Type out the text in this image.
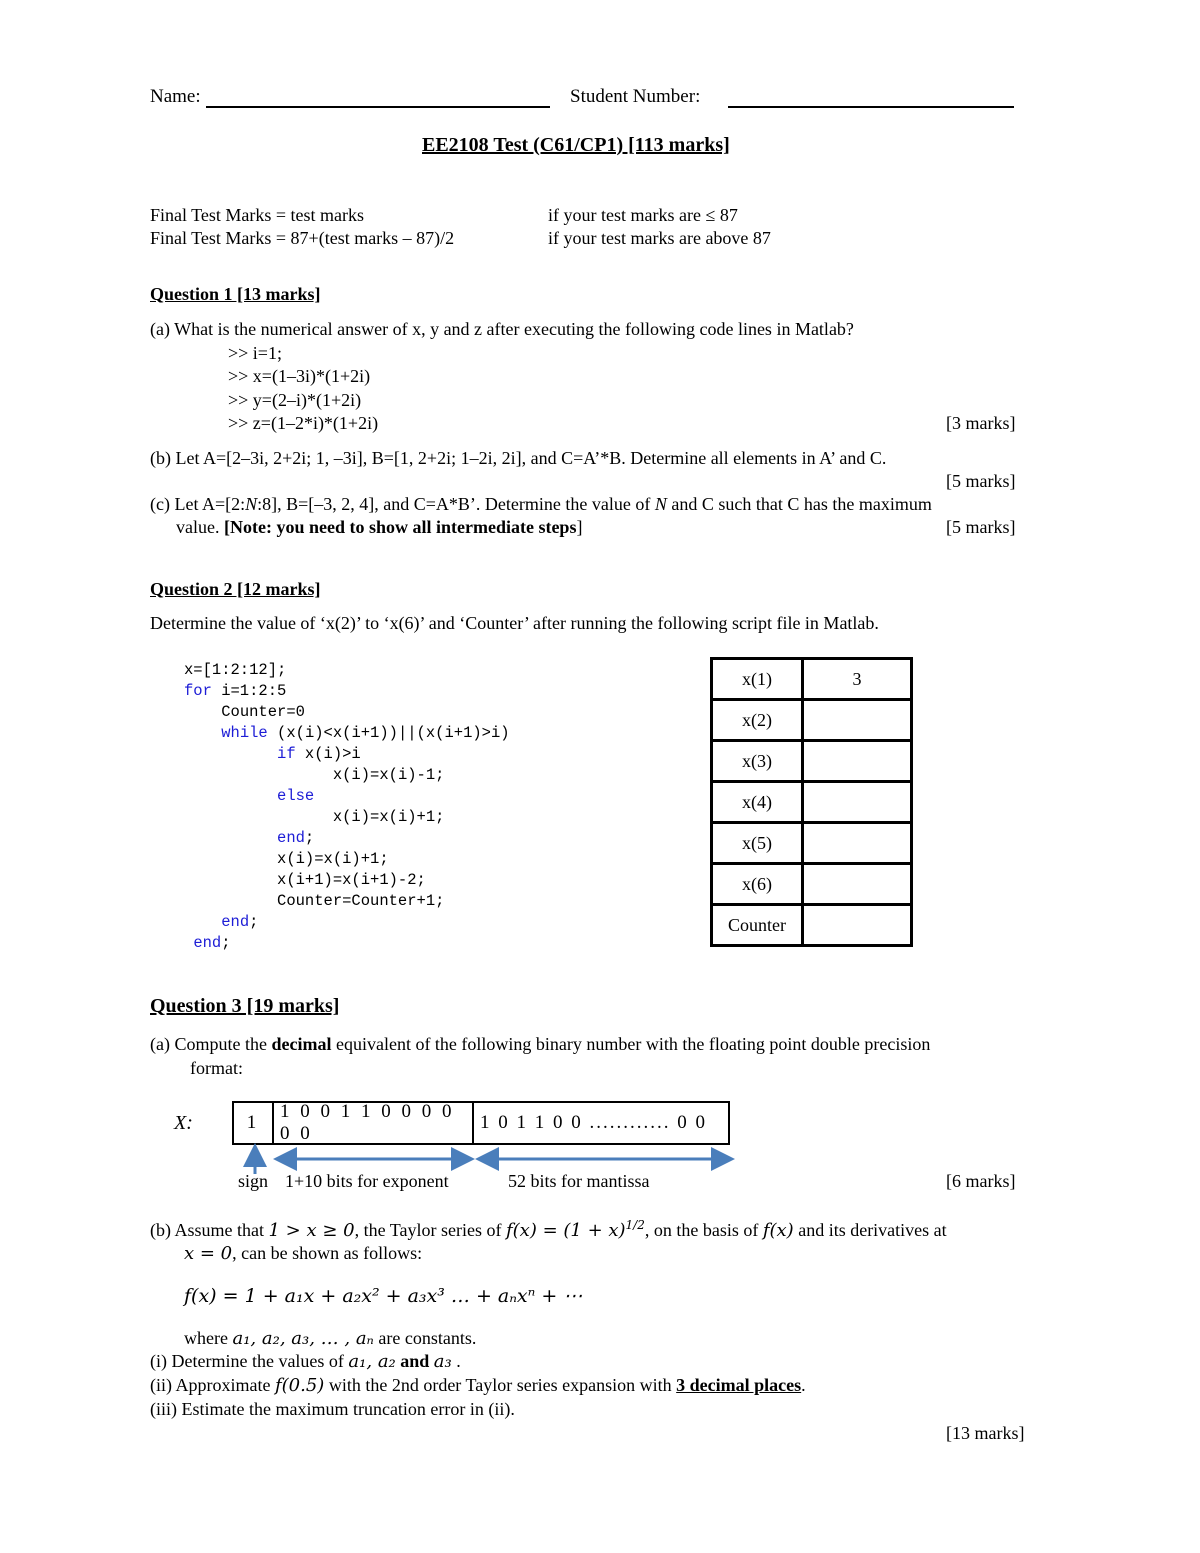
Name:	Student Number:
EE2108 Test (C61/CP1) [113 marks]
Final Test Marks = test marks	if your test marks are ≤ 87
Final Test Marks = 87+(test marks – 87)/2	if your test marks are above 87
Question 1 [13 marks]
(a) What is the numerical answer of x, y and z after executing the following code lines in Matlab?
>> i=1;
>> x=(1–3i)*(1+2i)
>> y=(2–i)*(1+2i)
>> z=(1–2*i)*(1+2i)	[3 marks]
(b) Let A=[2–3i, 2+2i; 1, –3i], B=[1, 2+2i; 1–2i, 2i], and C=A’*B. Determine all elements in A’ and C.
[5 marks]
(c) Let A=[2:N:8], B=[–3, 2, 4], and C=A*B’. Determine the value of N and C such that C has the maximum
value. [Note: you need to show all intermediate steps]	[5 marks]
Question 2 [12 marks]
Determine the value of ‘x(2)’ to ‘x(6)’ and ‘Counter’ after running the following script file in Matlab.
x=[1:2:12];
for i=1:2:5
Counter=0
while (x(i)<x(i+1))||(x(i+1)>i)
if x(i)>i
x(i)=x(i)-1;
else
x(i)=x(i)+1;
end;
x(i)=x(i)+1;
x(i+1)=x(i+1)-2;
Counter=Counter+1;
end;
end;
x(1)	3
x(2)	
x(3)	
x(4)	
x(5)	
x(6)	
Counter	
Question 3 [19 marks]
(a) Compute the decimal equivalent of the following binary number with the floating point double precision
format:
X:	1
1 0 0 1 1 0 0 0 0 0 0
1 0 1 1 0 0 ............ 0 0
sign 1+10 bits for exponent	52 bits for mantissa	[6 marks]
(b) Assume that 1 > x ≥ 0, the Taylor series of $f(x) = (1 + x)^{1/2}$, on the basis of f(x) and its derivatives at
x = 0, can be shown as follows:
f(x) = 1 + a₁x + a₂x² + a₃x³ … + aₙxⁿ + ⋯
where a₁, a₂, a₃, … , aₙ are constants.
(i) Determine the values of a₁, a₂ and a₃ .
(ii) Approximate f(0.5) with the 2nd order Taylor series expansion with 3 decimal places.
(iii) Estimate the maximum truncation error in (ii).
[13 marks]
